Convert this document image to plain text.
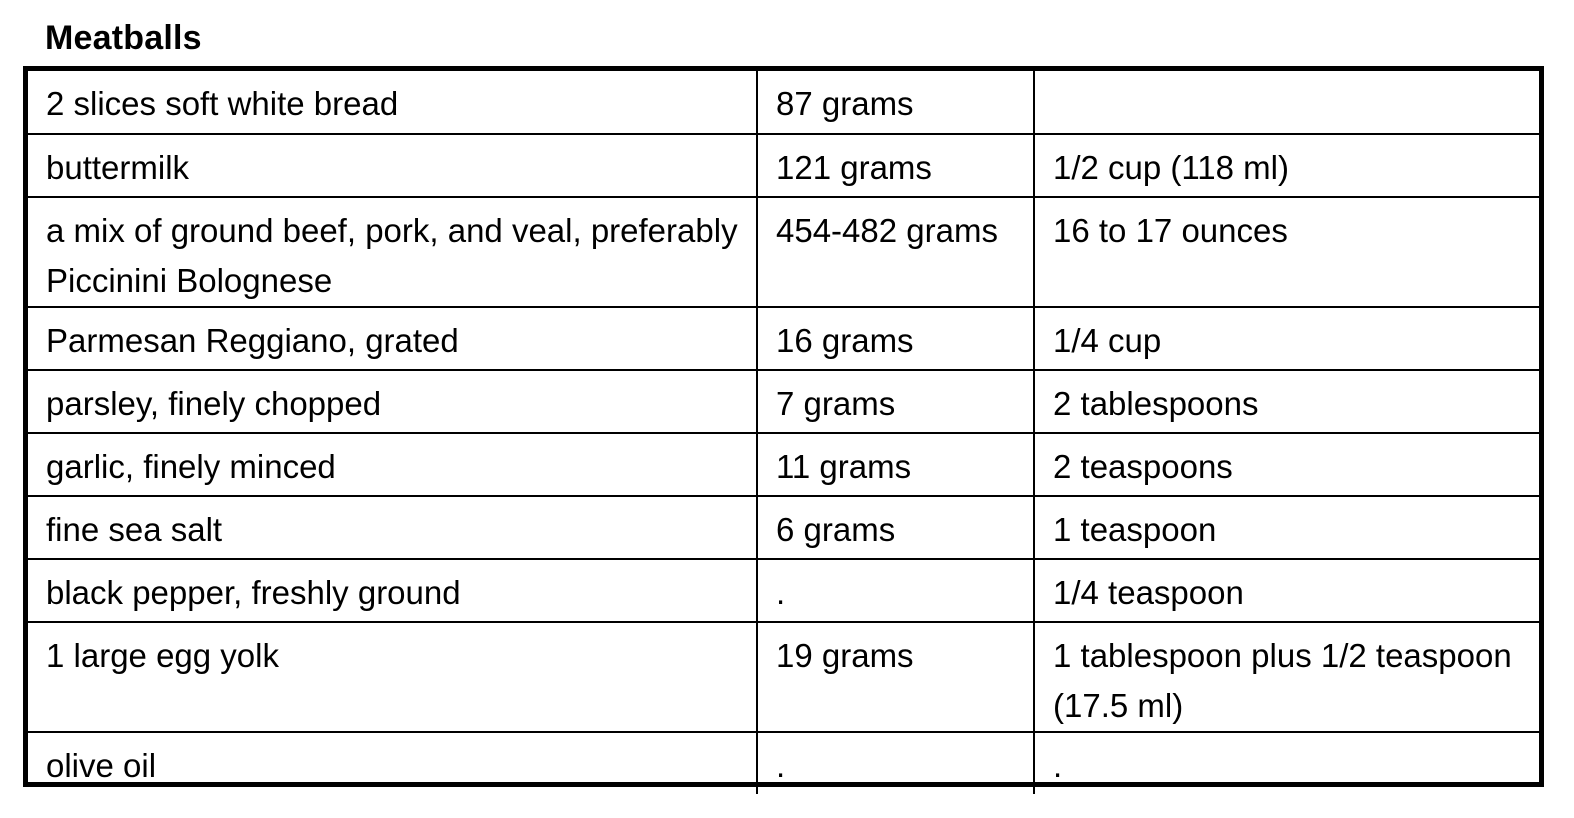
Meatballs
2 slices soft white bread	87 grams	
buttermilk	121 grams	1/2 cup (118 ml)
a mix of ground beef, pork, and veal, preferably Piccinini Bolognese	454-482 grams	16 to 17 ounces
Parmesan Reggiano, grated	16 grams	1/4 cup
parsley, finely chopped	7 grams	2 tablespoons
garlic, finely minced	11 grams	2 teaspoons
fine sea salt	6 grams	1 teaspoon
black pepper, freshly ground	.	1/4 teaspoon
1 large egg yolk	19 grams	1 tablespoon plus 1/2 teaspoon (17.5 ml)
olive oil	.	.
